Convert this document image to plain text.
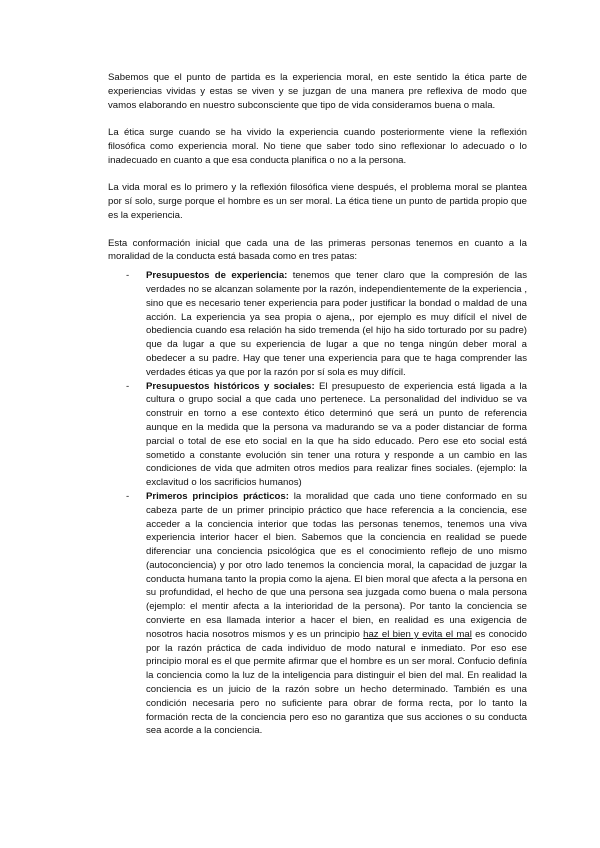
Sabemos que el punto de partida es la experiencia moral, en este sentido la ética parte de experiencias vividas y estas se viven y se juzgan de una manera pre reflexiva de modo que vamos elaborando en nuestro subconsciente que tipo de vida consideramos buena o mala.

La ética surge cuando se ha vivido la experiencia cuando posteriormente viene la reflexión filosófica como experiencia moral. No tiene que saber todo sino reflexionar lo adecuado o lo inadecuado en cuanto a que esa conducta planifica o no a la persona.

La vida moral es lo primero y la reflexión filosófica viene después, el problema moral se plantea por sí solo, surge porque el hombre es un ser moral. La ética tiene un punto de partida propio que es la experiencia.

Esta conformación inicial que cada una de las primeras personas tenemos en cuanto a la moralidad de la conducta está basada como en tres patas:

- Presupuestos de experiencia: tenemos que tener claro que la compresión de las verdades no se alcanzan solamente por la razón, independientemente de la experiencia , sino que es necesario tener experiencia para poder justificar la bondad o maldad de una acción. La experiencia ya sea propia o ajena,, por ejemplo es muy difícil el nivel de obediencia cuando esa relación ha sido tremenda (el hijo ha sido torturado por su padre) que da lugar a que su experiencia de lugar a que no tenga ningún deber moral a obedecer a su padre. Hay que tener una experiencia para que te haga comprender las verdades éticas ya que por la razón por sí sola es muy difícil.
- Presupuestos históricos y sociales: El presupuesto de experiencia está ligada a la cultura o grupo social a que cada uno pertenece. La personalidad del individuo se va construir en torno a ese contexto ético determinó que será un punto de referencia aunque en la medida que la persona va madurando se va a poder distanciar de forma parcial o total de ese eto social en la que ha sido educado. Pero ese eto social está sometido a constante evolución sin tener una rotura y responde a un cambio en las condiciones de vida que admiten otros medios para realizar fines sociales. (ejemplo: la exclavitud o los sacrificios humanos)
- Primeros principios prácticos: la moralidad que cada uno tiene conformado en su cabeza parte de un primer principio práctico que hace referencia a la conciencia, ese acceder a la conciencia interior que todas las personas tenemos, tenemos una viva experiencia interior hacer el bien. Sabemos que la conciencia en realidad se puede diferenciar una conciencia psicológica que es el conocimiento reflejo de uno mismo (autoconciencia) y por otro lado tenemos la conciencia moral, la capacidad de juzgar la conducta humana tanto la propia como la ajena. El bien moral que afecta a la persona en su profundidad, el hecho de que una persona sea juzgada como buena o mala persona (ejemplo: el mentir afecta a la interioridad de la persona). Por tanto la conciencia se convierte en esa llamada interior a hacer el bien, en realidad es una exigencia de nosotros hacia nosotros mismos y es un principio haz el bien y evita el mal es conocido por la razón práctica de cada individuo de modo natural e inmediato. Por eso ese principio moral es el que permite afirmar que el hombre es un ser moral. Confucio definía la conciencia como la luz de la inteligencia para distinguir el bien del mal. En realidad la conciencia es un juicio de la razón sobre un hecho determinado. También es una condición necesaria pero no suficiente para obrar de forma recta, por lo tanto la formación recta de la conciencia pero eso no garantiza que sus acciones o su conducta sea acorde a la conciencia.
